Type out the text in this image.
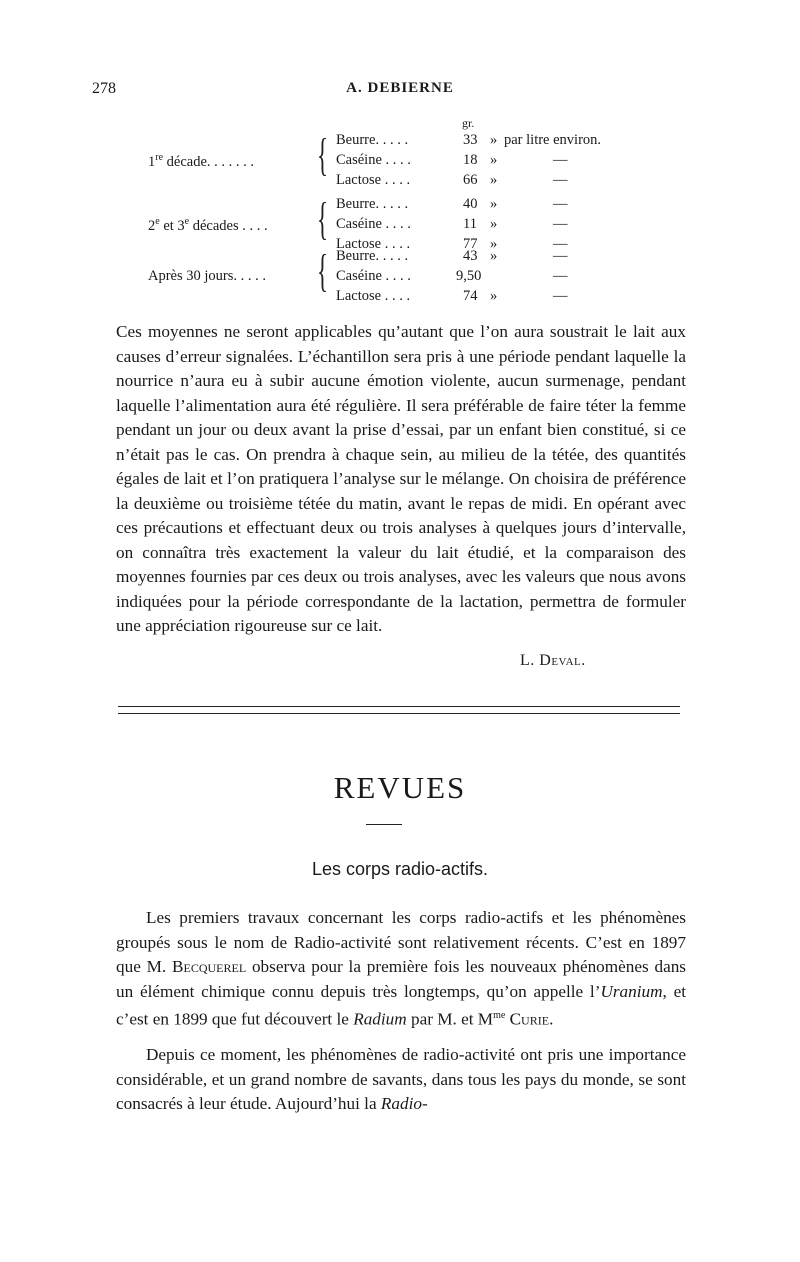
278	A. DEBIERNE
gr.
1re décade. . . . . . . { Beurre. . . . .	33 » par litre environ.
Caséine . . . .	18 »	—
Lactose . . . .	66 »	—
2e et 3e décades . . . . { Beurre. . . . .	40 »	—
Caséine . . . .	11 »	—
Lactose . . . .	77 »	—
Après 30 jours. . . . . { Beurre. . . . .	43 »	—
Caséine . . . .	9,50	—
Lactose . . . .	74 »	—

Ces moyennes ne seront applicables qu’autant que l’on aura soustrait le lait aux causes d’erreur signalées. L’échantillon sera pris à une période pendant laquelle la nourrice n’aura eu à subir aucune émotion violente, aucun surmenage, pendant laquelle l’alimentation aura été régulière. Il sera préférable de faire téter la femme pendant un jour ou deux avant la prise d’essai, par un enfant bien constitué, si ce n’était pas le cas. On prendra à chaque sein, au milieu de la tétée, des quantités égales de lait et l’on pratiquera l’analyse sur le mélange. On choisira de préférence la deuxième ou troisième tétée du matin, avant le repas de midi. En opérant avec ces précautions et effectuant deux ou trois analyses à quelques jours d’intervalle, on connaîtra très exactement la valeur du lait étudié, et la comparaison des moyennes fournies par ces deux ou trois analyses, avec les valeurs que nous avons indiquées pour la période correspondante de la lactation, permettra de formuler une appréciation rigoureuse sur ce lait.

L. Deval.
REVUES
Les corps radio-actifs.

Les premiers travaux concernant les corps radio-actifs et les phénomènes groupés sous le nom de Radio-activité sont relativement récents. C’est en 1897 que M. Becquerel observa pour la première fois les nouveaux phénomènes dans un élément chimique connu depuis très longtemps, qu’on appelle l’Uranium, et c’est en 1899 que fut découvert le Radium par M. et $M^{me}$ Curie.

Depuis ce moment, les phénomènes de radio-activité ont pris une importance considérable, et un grand nombre de savants, dans tous les pays du monde, se sont consacrés à leur étude. Aujourd’hui la Radio-
